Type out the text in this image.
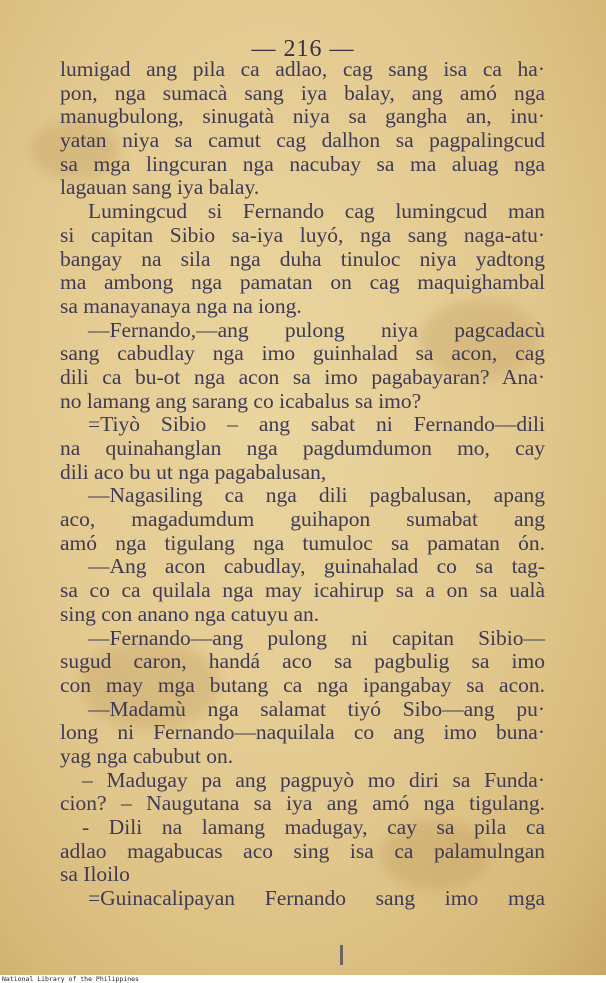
— 216 —
lumigad ang pila ca adlao, cag sang isa ca ha·
pon, nga sumacà sang iya balay, ang amó nga
manugbulong, sinugatà niya sa gangha an, inu·
yatan niya sa camut cag dalhon sa pagpalingcud
sa mga lingcuran nga nacubay sa ma aluag nga
lagauan sang iya balay.
Lumingcud si Fernando cag lumingcud man
si capitan Sibio sa-iya luyó, nga sang naga-atu·
bangay na sila nga duha tinuloc niya yadtong
ma ambong nga pamatan on cag maquighambal
sa manayanaya nga na iong.
—Fernando,—ang pulong niya pagcadacù
sang cabudlay nga imo guinhalad sa acon, cag
dili ca bu-ot nga acon sa imo pagabayaran? Ana·
no lamang ang sarang co icabalus sa imo?
=Tiyò Sibio – ang sabat ni Fernando—dili
na quinahanglan nga pagdumdumon mo, cay
dili aco bu ut nga pagabalusan,
—Nagasiling ca nga dili pagbalusan, apang
aco, magadumdum guihapon sumabat ang
amó nga tigulang nga tumuloc sa pamatan ón.
—Ang acon cabudlay, guinahalad co sa tag-
sa co ca quilala nga may icahirup sa a on sa ualà
sing con anano nga catuyu an.
—Fernando—ang pulong ni capitan Sibio—
sugud caron, handá aco sa pagbulig sa imo
con may mga butang ca nga ipangabay sa acon.
—Madamù nga salamat tiyó Sibo—ang pu·
long ni Fernando—naquilala co ang imo buna·
yag nga cabubut on.
– Madugay pa ang pagpuyò mo diri sa Funda·
cion? – Naugutana sa iya ang amó nga tigulang.
- Dili na lamang madugay, cay sa pila ca
adlao magabucas aco sing isa ca palamulngan
sa Iloilo
=Guinacalipayan Fernando sang imo mga
National Library of the Philippines
